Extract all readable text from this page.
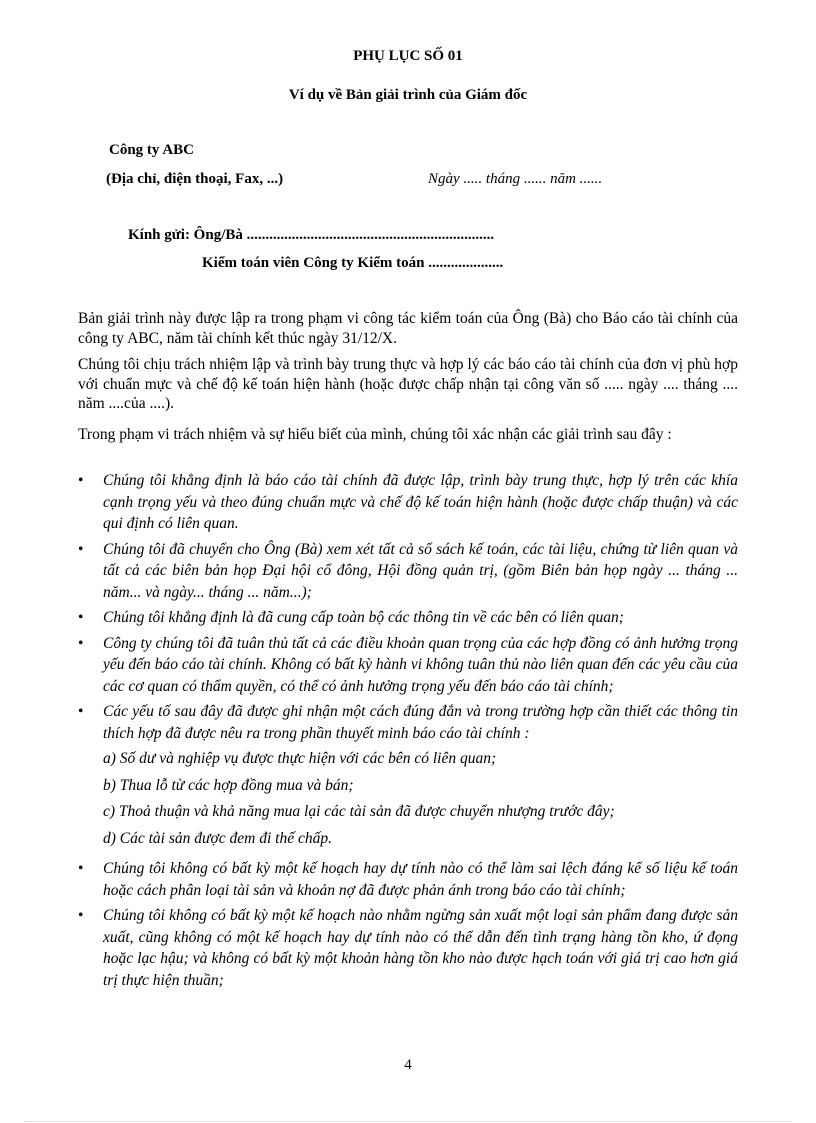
PHỤ LỤC SỐ 01
Ví dụ về Bản giải trình của Giám đốc
Công ty ABC
(Địa chỉ, điện thoại, Fax, ...)	Ngày ..... tháng ...... năm ......
Kính gửi: Ông/Bà ..................................................................
Kiểm toán viên Công ty Kiểm toán ....................
Bản giải trình này được lập ra trong phạm vi công tác kiểm toán của Ông (Bà) cho Báo cáo tài chính của công ty ABC, năm tài chính kết thúc ngày 31/12/X.
Chúng tôi chịu trách nhiệm lập và trình bày trung thực và hợp lý các báo cáo tài chính của đơn vị phù hợp với chuẩn mực và chế độ kế toán hiện hành (hoặc được chấp nhận tại công văn số ..... ngày .... tháng .... năm ....của ....).
Trong phạm vi trách nhiệm và sự hiểu biết của mình, chúng tôi xác nhận các giải trình sau đây :
• Chúng tôi khẳng định là báo cáo tài chính đã được lập, trình bày trung thực, hợp lý trên các khía cạnh trọng yếu và theo đúng chuẩn mực và chế độ kế toán hiện hành (hoặc được chấp thuận) và các qui định có liên quan.
• Chúng tôi đã chuyển cho Ông (Bà) xem xét tất cả sổ sách kế toán, các tài liệu, chứng từ liên quan và tất cả các biên bản họp Đại hội cổ đông, Hội đồng quản trị, (gồm Biên bản họp ngày ... tháng ... năm... và ngày... tháng ... năm...);
• Chúng tôi khẳng định là đã cung cấp toàn bộ các thông tin về các bên có liên quan;
• Công ty chúng tôi đã tuân thủ tất cả các điều khoản quan trọng của các hợp đồng có ảnh hưởng trọng yếu đến báo cáo tài chính. Không có bất kỳ hành vi không tuân thủ nào liên quan đến các yêu cầu của các cơ quan có thẩm quyền, có thể có ảnh hưởng trọng yếu đến báo cáo tài chính;
• Các yếu tố sau đây đã được ghi nhận một cách đúng đắn và trong trường hợp cần thiết các thông tin thích hợp đã được nêu ra trong phần thuyết minh báo cáo tài chính :
a) Số dư và nghiệp vụ được thực hiện với các bên có liên quan;
b) Thua lỗ từ các hợp đồng mua và bán;
c) Thoả thuận và khả năng mua lại các tài sản đã được chuyển nhượng trước đây;
d) Các tài sản được đem đi thế chấp.
• Chúng tôi không có bất kỳ một kế hoạch hay dự tính nào có thể làm sai lệch đáng kể số liệu kế toán hoặc cách phân loại tài sản và khoản nợ đã được phản ánh trong báo cáo tài chính;
• Chúng tôi không có bất kỳ một kế hoạch nào nhằm ngừng sản xuất một loại sản phẩm đang được sản xuất, cũng không có một kế hoạch hay dự tính nào có thể dẫn đến tình trạng hàng tồn kho, ứ đọng hoặc lạc hậu; và không có bất kỳ một khoản hàng tồn kho nào được hạch toán với giá trị cao hơn giá trị thực hiện thuần;
4
